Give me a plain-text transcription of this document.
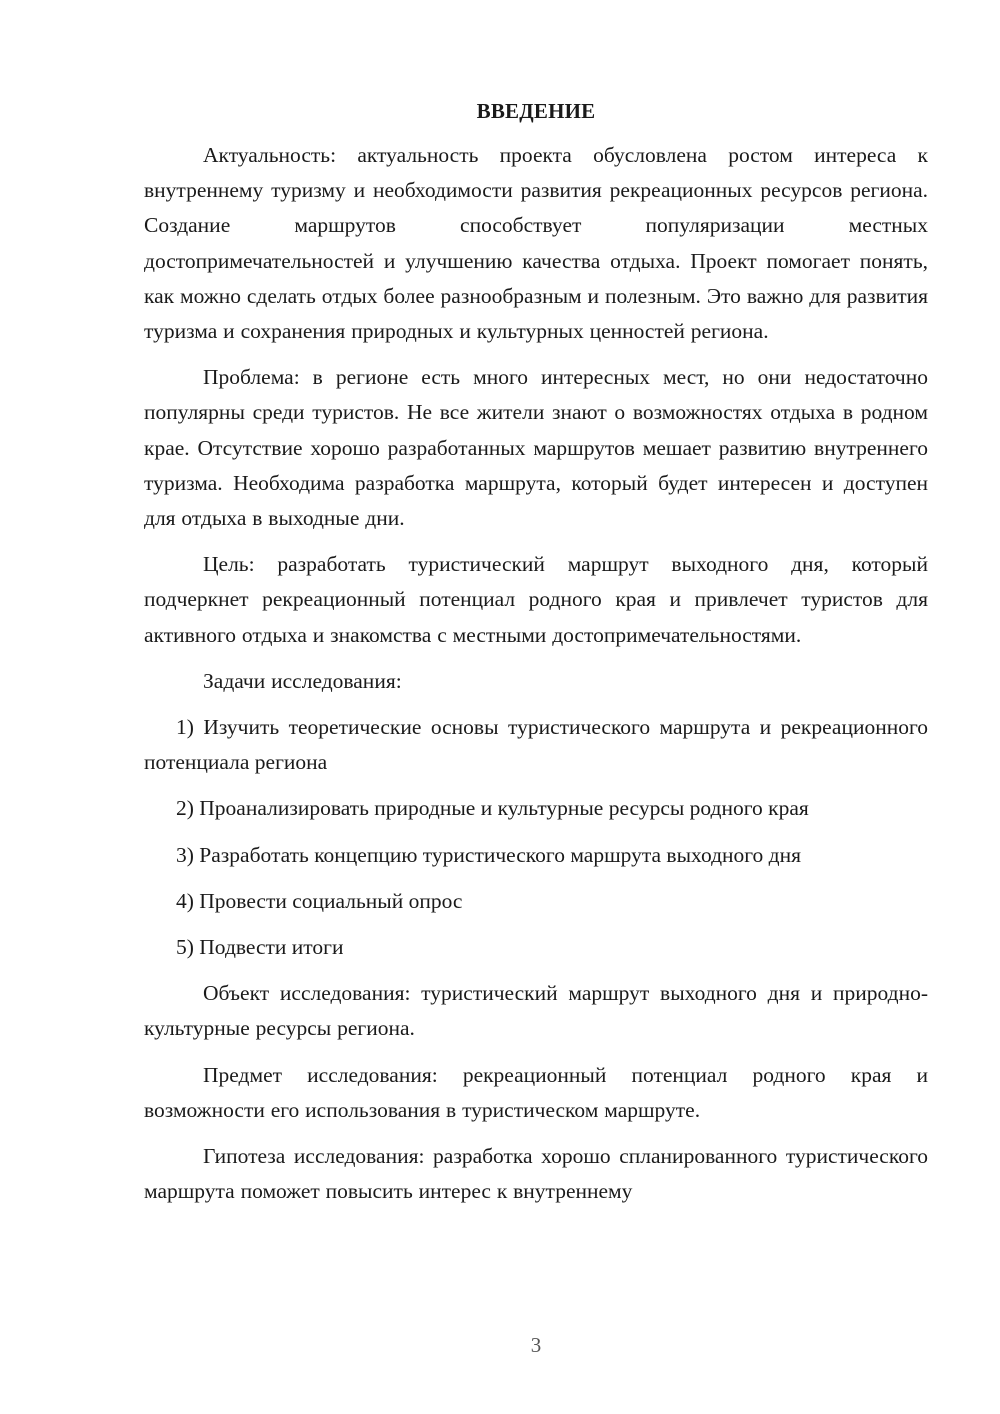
ВВЕДЕНИЕ

Актуальность: актуальность проекта обусловлена ростом интереса к внутреннему туризму и необходимости развития рекреационных ресурсов региона. Создание маршрутов способствует популяризации местных достопримечательностей и улучшению качества отдыха. Проект помогает понять, как можно сделать отдых более разнообразным и полезным. Это важно для развития туризма и сохранения природных и культурных ценностей региона.

Проблема: в регионе есть много интересных мест, но они недостаточно популярны среди туристов. Не все жители знают о возможностях отдыха в родном крае. Отсутствие хорошо разработанных маршрутов мешает развитию внутреннего туризма. Необходима разработка маршрута, который будет интересен и доступен для отдыха в выходные дни.

Цель: разработать туристический маршрут выходного дня, который подчеркнет рекреационный потенциал родного края и привлечет туристов для активного отдыха и знакомства с местными достопримечательностями.

Задачи исследования:

1) Изучить теоретические основы туристического маршрута и рекреационного потенциала региона

2) Проанализировать природные и культурные ресурсы родного края

3) Разработать концепцию туристического маршрута выходного дня

4) Провести социальный опрос

5) Подвести итоги

Объект исследования: туристический маршрут выходного дня и природно-культурные ресурсы региона.

Предмет исследования: рекреационный потенциал родного края и возможности его использования в туристическом маршруте.

Гипотеза исследования: разработка хорошо спланированного туристического маршрута поможет повысить интерес к внутреннему

3
